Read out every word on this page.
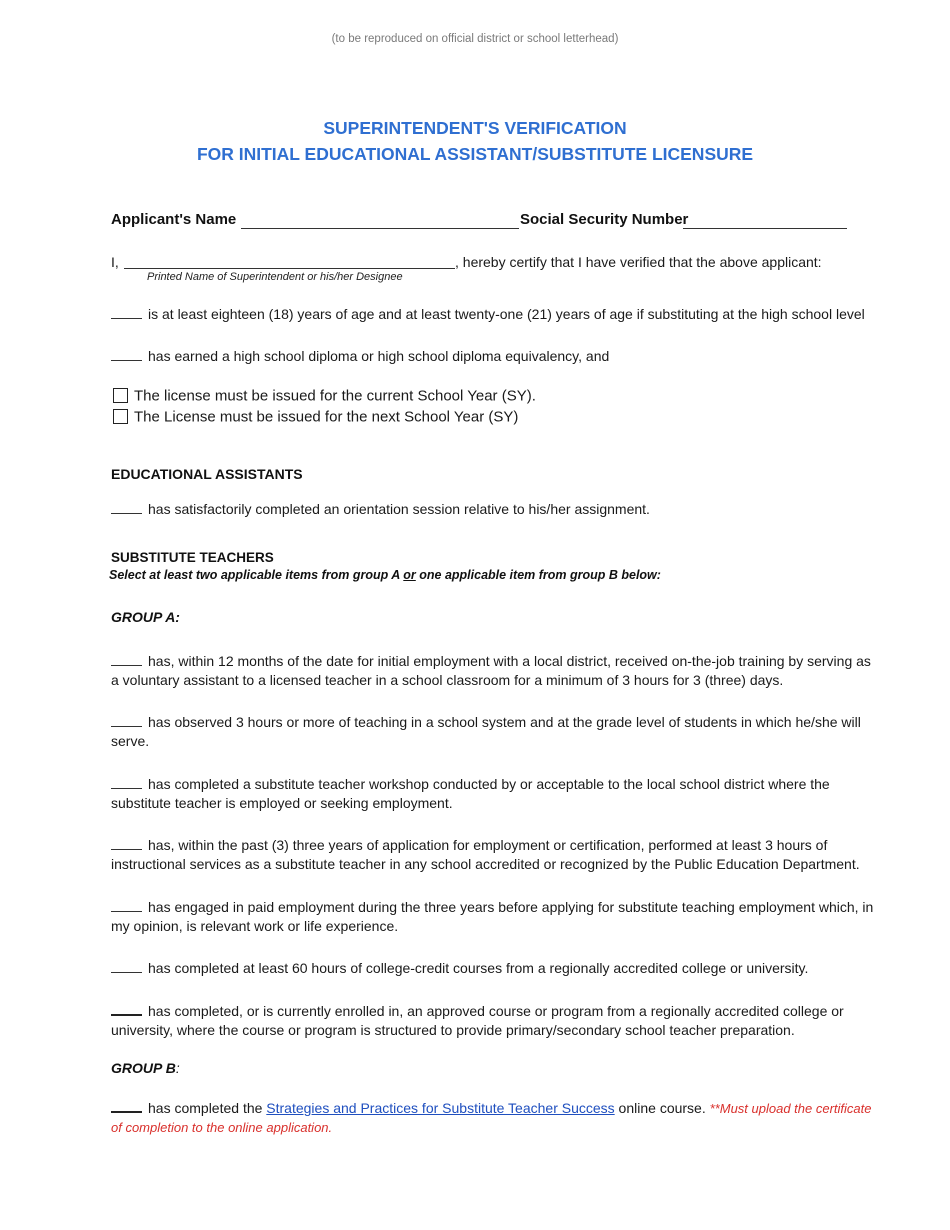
(to be reproduced on official district or school letterhead)
SUPERINTENDENT'S VERIFICATION
FOR INITIAL EDUCATIONAL ASSISTANT/SUBSTITUTE LICENSURE
Applicant's Name	Social Security Number
I,	, hereby certify that I have verified that the above applicant:
Printed Name of Superintendent or his/her Designee
is at least eighteen (18) years of age and at least twenty-one (21) years of age if substituting at the high school level
has earned a high school diploma or high school diploma equivalency, and
The license must be issued for the current School Year (SY).
The License must be issued for the next School Year (SY)
EDUCATIONAL ASSISTANTS
has satisfactorily completed an orientation session relative to his/her assignment.
SUBSTITUTE TEACHERS
Select at least two applicable items from group A or one applicable item from group B below:
GROUP A:
has, within 12 months of the date for initial employment with a local district, received on-the-job training by serving as a voluntary assistant to a licensed teacher in a school classroom for a minimum of 3 hours for 3 (three) days.
has observed 3 hours or more of teaching in a school system and at the grade level of students in which he/she will serve.
has completed a substitute teacher workshop conducted by or acceptable to the local school district where the substitute teacher is employed or seeking employment.
has, within the past (3) three years of application for employment or certification, performed at least 3 hours of instructional services as a substitute teacher in any school accredited or recognized by the Public Education Department.
has engaged in paid employment during the three years before applying for substitute teaching employment which, in my opinion, is relevant work or life experience.
has completed at least 60 hours of college-credit courses from a regionally accredited college or university.
has completed, or is currently enrolled in, an approved course or program from a regionally accredited college or university, where the course or program is structured to provide primary/secondary school teacher preparation.
GROUP B:
has completed the Strategies and Practices for Substitute Teacher Success online course. **Must upload the certificate of completion to the online application.
